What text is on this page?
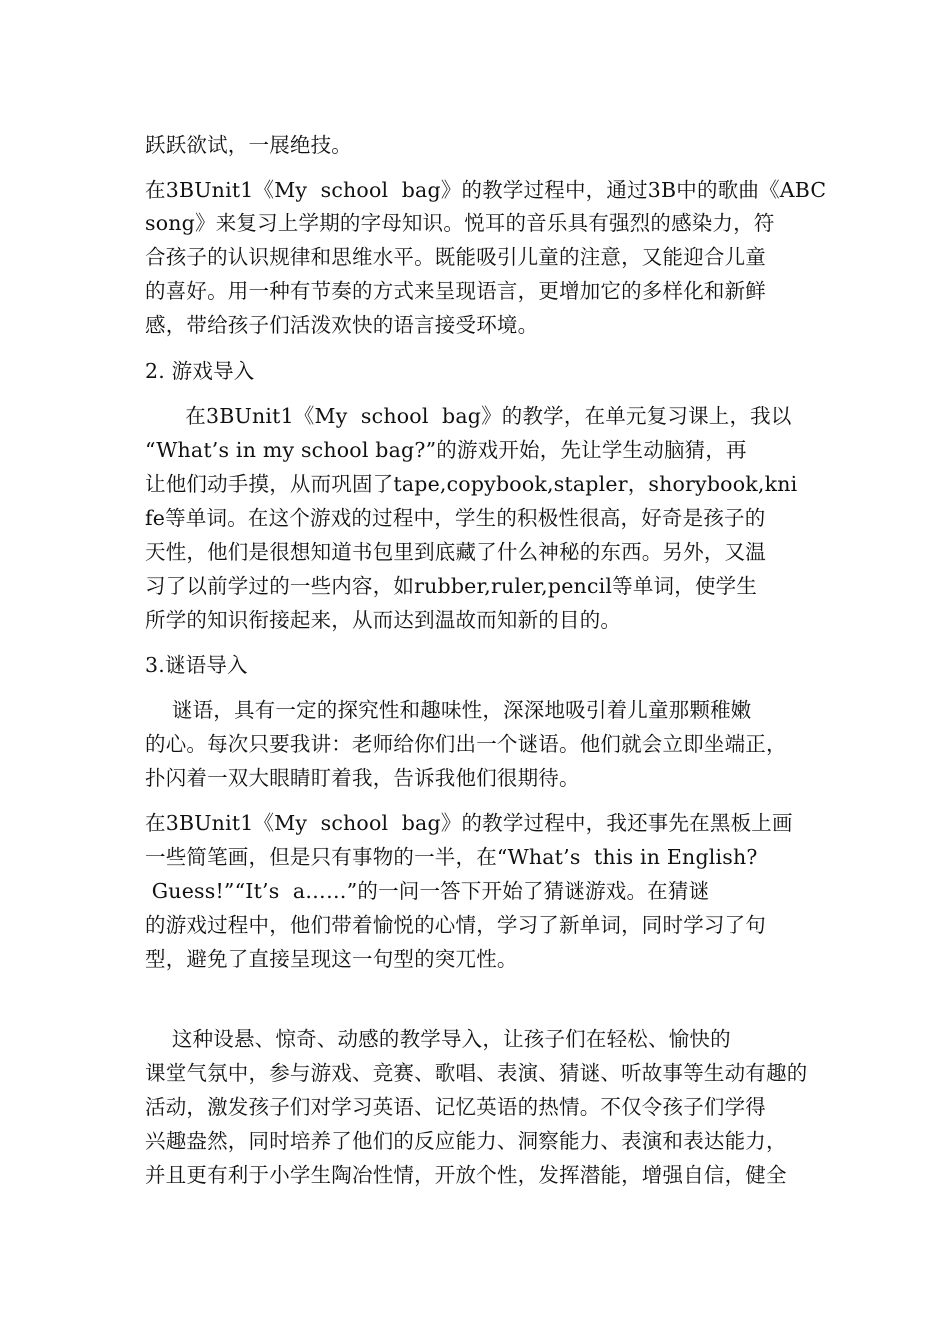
跃跃欲试，一展绝技。
在3BUnit1《My  school  bag》的教学过程中，通过3B中的歌曲《ABC
song》来复习上学期的字母知识。悦耳的音乐具有强烈的感染力，符
合孩子的认识规律和思维水平。既能吸引儿童的注意，又能迎合儿童
的喜好。用一种有节奏的方式来呈现语言，更增加它的多样化和新鲜
感，带给孩子们活泼欢快的语言接受环境。
2. 游戏导入
在3BUnit1《My  school  bag》的教学，在单元复习课上，我以
“What’s in my school bag?”的游戏开始，先让学生动脑猜，再
让他们动手摸，从而巩固了tape,copybook,stapler，shorybook,kni
fe等单词。在这个游戏的过程中，学生的积极性很高，好奇是孩子的
天性，他们是很想知道书包里到底藏了什么神秘的东西。另外，又温
习了以前学过的一些内容，如rubber,ruler,pencil等单词，使学生
所学的知识衔接起来，从而达到温故而知新的目的。
3.谜语导入
谜语，具有一定的探究性和趣味性，深深地吸引着儿童那颗稚嫩
的心。每次只要我讲：老师给你们出一个谜语。他们就会立即坐端正，
扑闪着一双大眼睛盯着我，告诉我他们很期待。
在3BUnit1《My  school  bag》的教学过程中，我还事先在黑板上画
一些简笔画，但是只有事物的一半，在“What’s  this in English?
Guess!”“It’s  a……”的一问一答下开始了猜谜游戏。在猜谜
的游戏过程中，他们带着愉悦的心情，学习了新单词，同时学习了句
型，避免了直接呈现这一句型的突兀性。
这种设悬、惊奇、动感的教学导入，让孩子们在轻松、愉快的
课堂气氛中，参与游戏、竞赛、歌唱、表演、猜谜、听故事等生动有趣的
活动，激发孩子们对学习英语、记忆英语的热情。不仅令孩子们学得
兴趣盎然，同时培养了他们的反应能力、洞察能力、表演和表达能力，
并且更有利于小学生陶冶性情，开放个性，发挥潜能，增强自信，健全
